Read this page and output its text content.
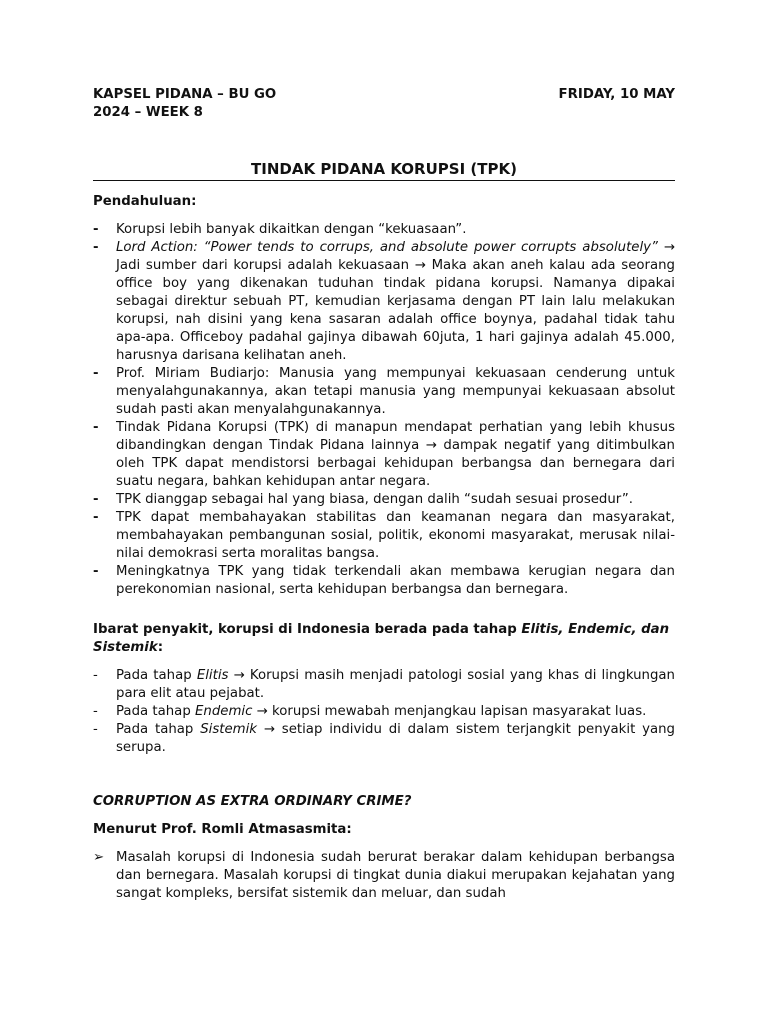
KAPSEL PIDANA – BU GO
2024 – WEEK 8
FRIDAY, 10 MAY
TINDAK PIDANA KORUPSI (TPK)
Pendahuluan:
- Korupsi lebih banyak dikaitkan dengan “kekuasaan”.
- Lord Action: “Power tends to corrups, and absolute power corrupts absolutely” → Jadi sumber dari korupsi adalah kekuasaan → Maka akan aneh kalau ada seorang office boy yang dikenakan tuduhan tindak pidana korupsi. Namanya dipakai sebagai direktur sebuah PT, kemudian kerjasama dengan PT lain lalu melakukan korupsi, nah disini yang kena sasaran adalah office boynya, padahal tidak tahu apa-apa. Officeboy padahal gajinya dibawah 60juta, 1 hari gajinya adalah 45.000, harusnya darisana kelihatan aneh.
- Prof. Miriam Budiarjo: Manusia yang mempunyai kekuasaan cenderung untuk menyalahgunakannya, akan tetapi manusia yang mempunyai kekuasaan absolut sudah pasti akan menyalahgunakannya.
- Tindak Pidana Korupsi (TPK) di manapun mendapat perhatian yang lebih khusus dibandingkan dengan Tindak Pidana lainnya → dampak negatif yang ditimbulkan oleh TPK dapat mendistorsi berbagai kehidupan berbangsa dan bernegara dari suatu negara, bahkan kehidupan antar negara.
- TPK dianggap sebagai hal yang biasa, dengan dalih “sudah sesuai prosedur”.
- TPK dapat membahayakan stabilitas dan keamanan negara dan masyarakat, membahayakan pembangunan sosial, politik, ekonomi masyarakat, merusak nilai-nilai demokrasi serta moralitas bangsa.
- Meningkatnya TPK yang tidak terkendali akan membawa kerugian negara dan perekonomian nasional, serta kehidupan berbangsa dan bernegara.
Ibarat penyakit, korupsi di Indonesia berada pada tahap Elitis, Endemic, dan Sistemik:
- Pada tahap Elitis → Korupsi masih menjadi patologi sosial yang khas di lingkungan para elit atau pejabat.
- Pada tahap Endemic → korupsi mewabah menjangkau lapisan masyarakat luas.
- Pada tahap Sistemik → setiap individu di dalam sistem terjangkit penyakit yang serupa.
CORRUPTION AS EXTRA ORDINARY CRIME?
Menurut Prof. Romli Atmasasmita:
➢ Masalah korupsi di Indonesia sudah berurat berakar dalam kehidupan berbangsa dan bernegara. Masalah korupsi di tingkat dunia diakui merupakan kejahatan yang sangat kompleks, bersifat sistemik dan meluar, dan sudah
